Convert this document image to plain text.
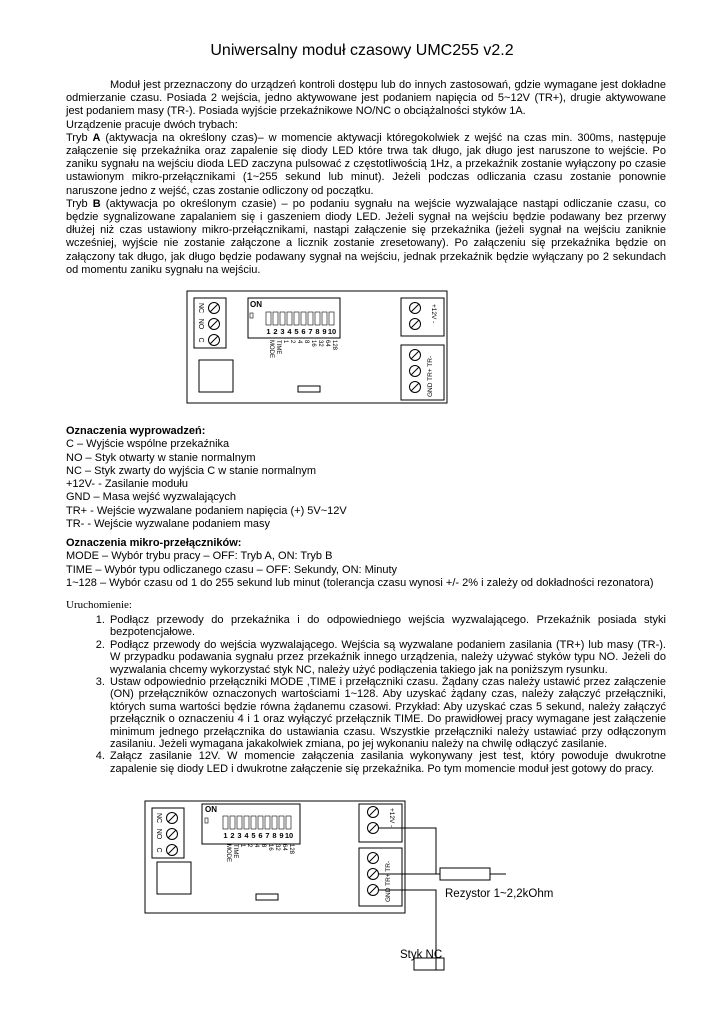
Uniwersalny moduł czasowy UMC255 v2.2

Moduł jest przeznaczony do urządzeń kontroli dostępu lub do innych zastosowań, gdzie wymagane jest dokładne odmierzanie czasu. Posiada 2 wejścia, jedno aktywowane jest podaniem napięcia od 5~12V (TR+), drugie aktywowane jest podaniem masy (TR-). Posiada wyjście przekaźnikowe NO/NC o obciążalności styków 1A.

Urządzenie pracuje dwóch trybach:

Tryb A (aktywacja na określony czas)– w momencie aktywacji któregokolwiek z wejść na czas min. 300ms, następuje załączenie się przekaźnika oraz zapalenie się diody LED które trwa tak długo, jak długo jest naruszone to wejście. Po zaniku sygnału na wejściu dioda LED zaczyna pulsować z częstotliwością 1Hz, a przekaźnik zostanie wyłączony po czasie ustawionym mikro-przełącznikami (1~255 sekund lub minut). Jeżeli podczas odliczania czasu zostanie ponownie naruszone jedno z wejść, czas zostanie odliczony od początku.

Tryb B (aktywacja po określonym czasie) – po podaniu sygnału na wejście wyzwalające nastąpi odliczanie czasu, co będzie sygnalizowane zapalaniem się i gaszeniem diody LED. Jeżeli sygnał na wejściu będzie podawany bez przerwy dłużej niż czas ustawiony mikro-przełącznikami, nastąpi załączenie się przekaźnika (jeżeli sygnał na wejściu zaniknie wcześniej, wyjście nie zostanie załączone a licznik zostanie zresetowany). Po załączeniu się przekaźnika będzie on załączony tak długo, jak długo będzie podawany sygnał na wejściu, jednak przekaźnik będzie wyłączany po 2 sekundach od momentu zaniku sygnału na wejściu.

NC
NO
C
ON
1 2 3 4 5 6 7 8 9 10
MODE TIME 1 2 4 8 16 32 64 128
+12V -
GND TR+ TR-
Oznaczenia wyprowadzeń:
C – Wyjście wspólne przekaźnika
NO – Styk otwarty w stanie normalnym
NC – Styk zwarty do wyjścia C w stanie normalnym
+12V- - Zasilanie modułu
GND – Masa wejść wyzwalających
TR+ - Wejście wyzwalane podaniem napięcia (+) 5V~12V
TR- - Wejście wyzwalane podaniem masy
Oznaczenia mikro-przełączników:
MODE – Wybór trybu pracy – OFF: Tryb A, ON: Tryb B
TIME – Wybór typu odliczanego czasu – OFF: Sekundy, ON: Minuty
1~128 – Wybór czasu od 1 do 255 sekund lub minut (tolerancja czasu wynosi +/- 2% i zależy od dokładności rezonatora)
Uruchomienie:
1. Podłącz przewody do przekaźnika i do odpowiedniego wejścia wyzwalającego. Przekaźnik posiada styki bezpotencjałowe.
2. Podłącz przewody do wejścia wyzwalającego. Wejścia są wyzwalane podaniem zasilania (TR+) lub masy (TR-). W przypadku podawania sygnału przez przekaźnik innego urządzenia, należy używać styków typu NO. Jeżeli do wyzwalania chcemy wykorzystać styk NC, należy użyć podłączenia takiego jak na poniższym rysunku.
3. Ustaw odpowiednio przełączniki MODE ,TIME i przełączniki czasu. Żądany czas należy ustawić przez załączenie (ON) przełączników oznaczonych wartościami 1~128. Aby uzyskać żądany czas, należy załączyć przełączniki, których suma wartości będzie równa żądanemu czasowi. Przykład: Aby uzyskać czas 5 sekund, należy załączyć przełącznik o oznaczeniu 4 i 1 oraz wyłączyć przełącznik TIME. Do prawidłowej pracy wymagane jest załączenie minimum jednego przełącznika do ustawiania czasu. Wszystkie przełączniki należy ustawiać przy odłączonym zasilaniu. Jeżeli wymagana jakakolwiek zmiana, po jej wykonaniu należy na chwilę odłączyć zasilanie.
4. Załącz zasilanie 12V. W momencie załączenia zasilania wykonywany jest test, który powoduje dwukrotne zapalenie się diody LED i dwukrotne załączenie się przekaźnika. Po tym momencie moduł jest gotowy do pracy.
NC
NO
C
ON
1 2 3 4 5 6 7 8 9 10
MODE TIME 1 2 4 8 16 32 64 128
+12V -
GND TR+ TR-	Rezystor 1~2,2kOhm
Styk NC
